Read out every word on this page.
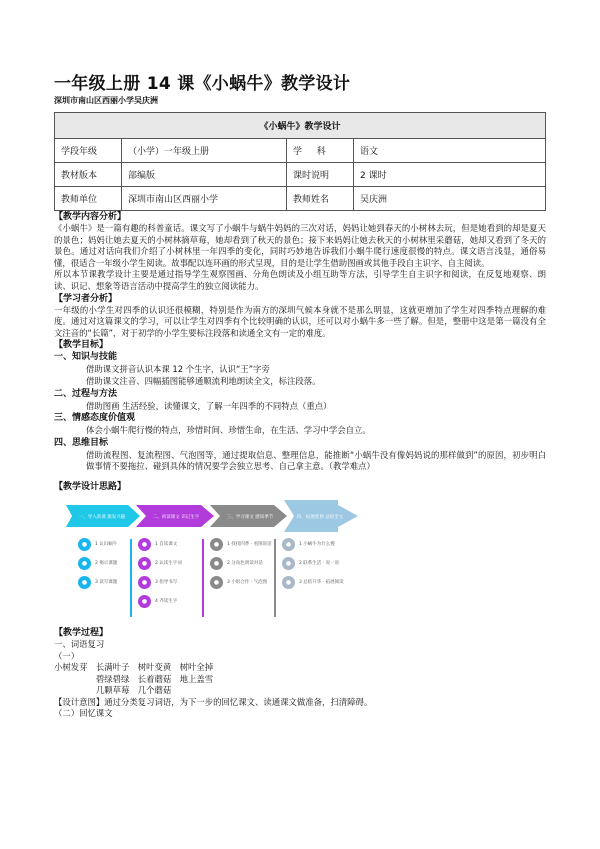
一年级上册 14 课《小蜗牛》教学设计

深圳市南山区西丽小学吴庆洲

《小蜗牛》教学设计			
学段年级	（小学）一年级上册	学 　 科	语文
教材版本	部编版	课时说明	2 课时
教师单位	深圳市南山区西丽小学	教师姓名	吴庆洲

【教学内容分析】

《小蜗牛》是一篇有趣的科普童话。课文写了小蜗牛与蜗牛妈妈的三次对话，妈妈让她到春天的小树林去玩，但是她看到的却是夏天的景色；妈妈让她去夏天的小树林摘草莓，她却看到了秋天的景色；接下来妈妈让她去秋天的小树林里采蘑菇，她却又看到了冬天的景色。通过对话向我们介绍了小树林里一年四季的变化，同时巧妙地告诉我们小蜗牛爬行速度很慢的特点。课文语言浅显，通俗易懂，很适合一年级小学生阅读。故事配以连环画的形式呈现，目的是让学生借助图画或其他手段自主识字、自主阅读。

所以本节课教学设计主要是通过指导学生观察图画、分角色朗读及小组互助等方法，引导学生自主识字和阅读，在反复地观察、朗读、识记、想象等语言活动中提高学生的独立阅读能力。

【学习者分析】

一年级的小学生对四季的认识还很模糊，特别是作为南方的深圳气候本身就不是那么明显，这就更增加了学生对四季特点理解的难度。通过对这篇课文的学习，可以让学生对四季有个比较明确的认识，还可以对小蜗牛多一些了解。但是，整册中这是第一篇没有全文注音的“长篇”，对于初学的小学生要标注段落和读通全文有一定的难度。

【教学目标】

一、知识与技能

借助课文拼音认识本课 12 个生字，认识“王”字旁

借助课文注音、四幅插图能够通顺流利地朗读全文，标注段落。

二、过程与方法

借助图画 生活经验，读懂课文，了解一年四季的不同特点（重点）

三、情感态度价值观

体会小蜗牛爬行慢的特点，珍惜时间、珍惜生命，在生活、学习中学会自立。

四、思维目标

借助流程图、复流程图、气泡图等，通过提取信息、整理信息，能推断“小蜗牛没有像妈妈说的那样做到”的原因，初步明白做事情不要拖拉、碰到具体的情况要学会独立思考、自己拿主意。（教学难点）

【教学设计思路】

一、导入新课 激发兴趣	二、初读课文 识记生字	三、学习课文 感知季节	四、拓展延伸 总结全文
●	1 认识蜗牛
●	2 揭示课题
●	3 读写课题
●	1 自读课文
●	2 认读生字词
●	3 指导书写
●	4 齐读生字
●	1 找找四季 · 看图说话
●	2 分角色朗读对话
●	3 小组合作 · 气泡图
●	1 小蜗牛为什么慢
●	2 联系生活 · 说一说
●	3 总结升华 · 拓展阅读

【教学过程】

一、词语复习

（一）

小树发芽　长满叶子　树叶变黄　树叶全掉

　　　　　碧绿碧绿　长着蘑菇　地上盖雪

　　　　　几颗草莓　几个蘑菇

【设计意图】通过分类复习词语，为下一步的回忆课文、读通课文做准备，扫清障碍。

（二）回忆课文
